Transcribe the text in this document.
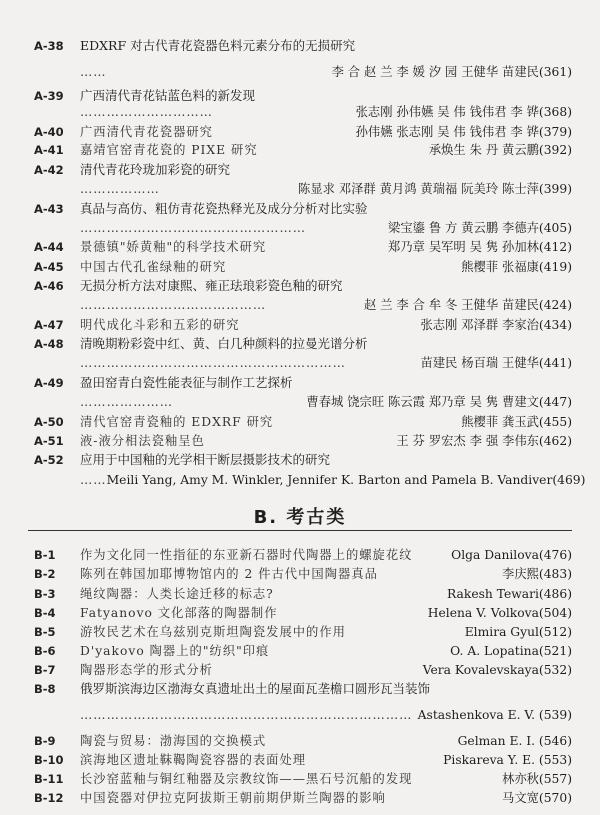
A-38	EDXRF 对古代青花瓷器色料元素分布的无损研究
……	李 合 赵 兰 李 媛 汐 园 王健华 苗建民(361)
A-39	广西清代青花钴蓝色料的新发现
…………………………	张志刚 孙伟嬿 吴 伟 钱伟君 李 铧(368)
A-40	广西清代青花瓷器研究	孙伟嬿 张志刚 吴 伟 钱伟君 李 铧(379)
A-41	嘉靖官窑青花瓷的 PIXE 研究	承焕生 朱 丹 黄云鹏(392)
A-42	清代青花玲珑加彩瓷的研究
………………	陈显求 邓泽群 黄月鸿 黄瑞福 阮美玲 陈士萍(399)
A-43	真品与高仿、粗仿青花瓷热释光及成分分析对比实验
……………………………………………	梁宝鎏 鲁 方 黄云鹏 李德卉(405)
A-44	景德镇"娇黄釉"的科学技术研究	郑乃章 吴军明 吴 隽 孙加林(412)
A-45	中国古代孔雀绿釉的研究	熊樱菲 张福康(419)
A-46	无损分析方法对康熙、雍正珐琅彩瓷色釉的研究
……………………………………	赵 兰 李 合 牟 冬 王健华 苗建民(424)
A-47	明代成化斗彩和五彩的研究	张志刚 邓泽群 李家治(434)
A-48	清晚期粉彩瓷中红、黄、白几种颜料的拉曼光谱分析
……………………………………………………	苗建民 杨百瑞 王健华(441)
A-49	盈田窑青白瓷性能表征与制作工艺探析
…………………	曹春城 饶宗旺 陈云霞 郑乃章 吴 隽 曹建文(447)
A-50	清代官窑青瓷釉的 EDXRF 研究	熊樱菲 龚玉武(455)
A-51	液-液分相法瓷釉呈色	王 芬 罗宏杰 李 强 李伟东(462)
A-52	应用于中国釉的光学相干断层摄影技术的研究
…… Meili Yang, Amy M. Winkler, Jennifer K. Barton and Pamela B. Vandiver(469)
B. 考古类
B-1	作为文化同一性指征的东亚新石器时代陶器上的螺旋花纹	Olga Danilova(476)
B-2	陈列在韩国加耶博物馆内的 2 件古代中国陶器真品	李庆熙(483)
B-3	绳纹陶器：人类长途迁移的标志?	Rakesh Tewari(486)
B-4	Fatyanovo 文化部落的陶器制作	Helena V. Volkova(504)
B-5	游牧民艺术在乌兹别克斯坦陶瓷发展中的作用	Elmira Gyul(512)
B-6	D'yakovo 陶器上的"纺织"印痕	O. A. Lopatina(521)
B-7	陶器形态学的形式分析	Vera Kovalevskaya(532)
B-8	俄罗斯滨海边区渤海女真遗址出土的屋面瓦垄檐口圆形瓦当装饰
………………………………………………………………… Astashenkova E. V. (539)
B-9	陶瓷与贸易：渤海国的交换模式	Gelman E. I. (546)
B-10	滨海地区遗址靺鞨陶瓷容器的表面处理	Piskareva Y. E. (553)
B-11	长沙窑蓝釉与铜红釉器及宗教纹饰——黑石号沉船的发现	林亦秋(557)
B-12	中国瓷器对伊拉克阿拔斯王朝前期伊斯兰陶器的影响	马文宽(570)
